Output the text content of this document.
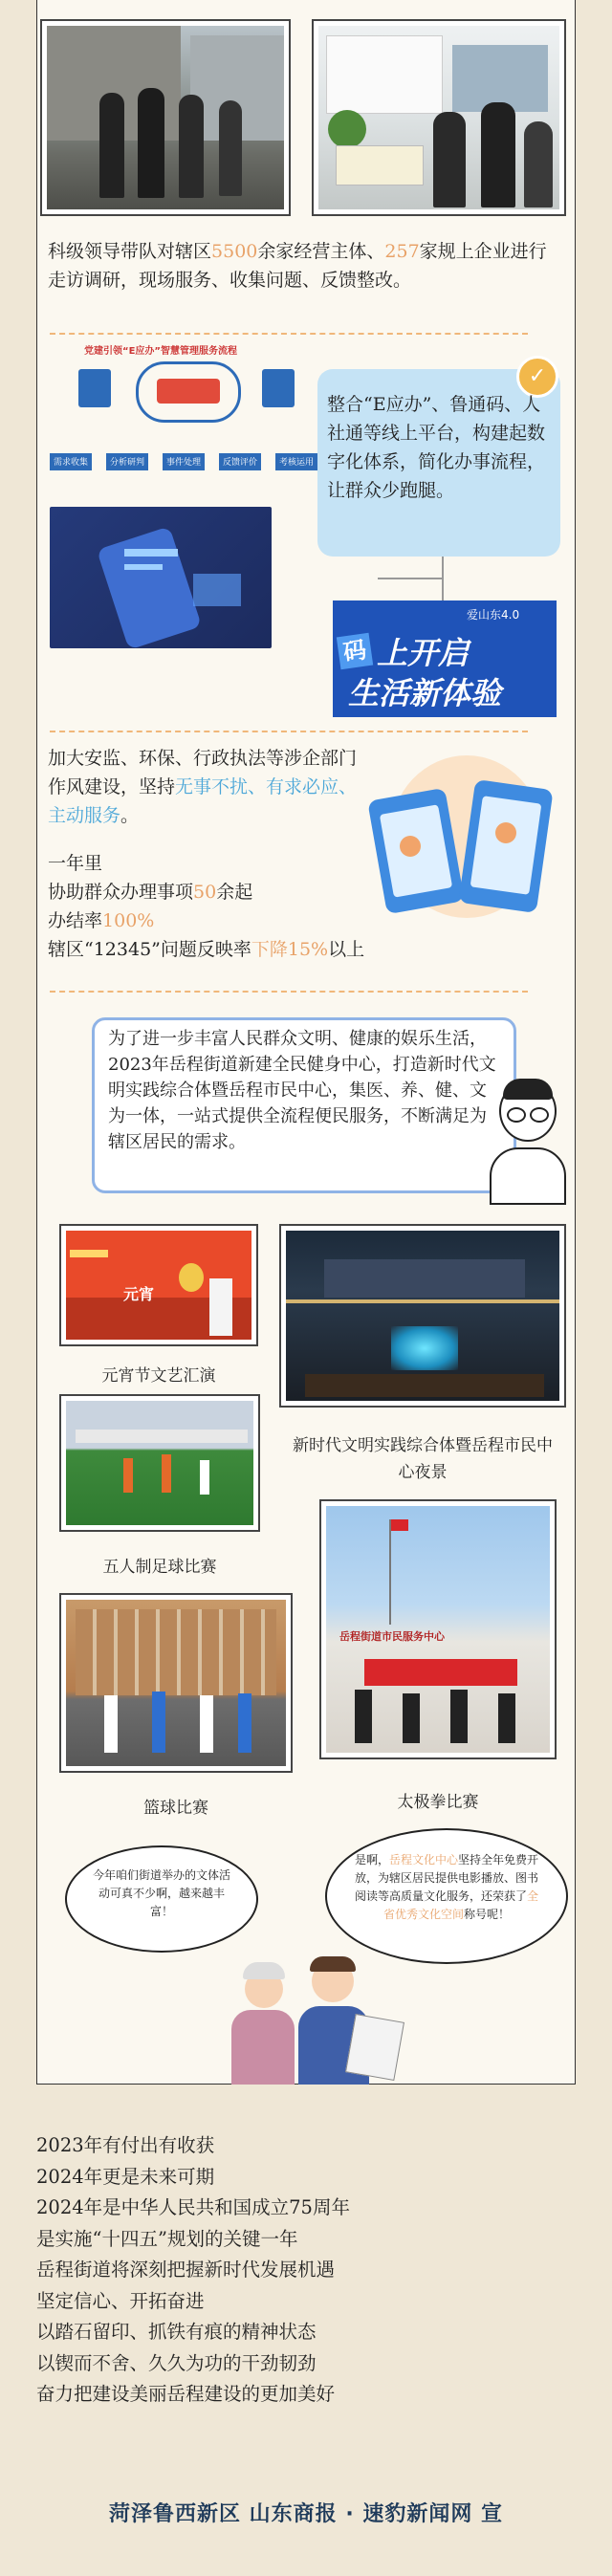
科级领导带队对辖区5500余家经营主体、257家规上企业进行走访调研，现场服务、收集问题、反馈整改。
党建引领“E应办”智慧管理服务流程
需求收集	分析研判	事件处理	反馈评价	考核运用
✓
整合“E应办”、鲁通码、人社通等线上平台，构建起数字化体系，简化办事流程，让群众少跑腿。
爱山东4.0
码 上开启
生活新体验
加大安监、环保、行政执法等涉企部门作风建设，坚持无事不扰、有求必应、主动服务。
一年里
协助群众办理事项50余起
办结率100%
辖区“12345”问题反映率下降15%以上
为了进一步丰富人民群众文明、健康的娱乐生活，2023年岳程街道新建全民健身中心，打造新时代文明实践综合体暨岳程市民中心，集医、养、健、文为一体，一站式提供全流程便民服务，不断满足为辖区居民的需求。
元宵
元宵节文艺汇演
新时代文明实践综合体暨岳程市民中心夜景
五人制足球比赛
岳程街道市民服务中心
太极拳比赛
篮球比赛
今年咱们街道举办的文体活动可真不少啊，越来越丰富！
是啊，岳程文化中心坚持全年免费开放，为辖区居民提供电影播放、图书阅读等高质量文化服务，还荣获了全省优秀文化空间称号呢！
2023年有付出有收获
2024年更是未来可期
2024年是中华人民共和国成立75周年
是实施“十四五”规划的关键一年
岳程街道将深刻把握新时代发展机遇
坚定信心、开拓奋进
以踏石留印、抓铁有痕的精神状态
以锲而不舍、久久为功的干劲韧劲
奋力把建设美丽岳程建设的更加美好
菏泽鲁西新区 山东商报 · 速豹新闻网 宣
